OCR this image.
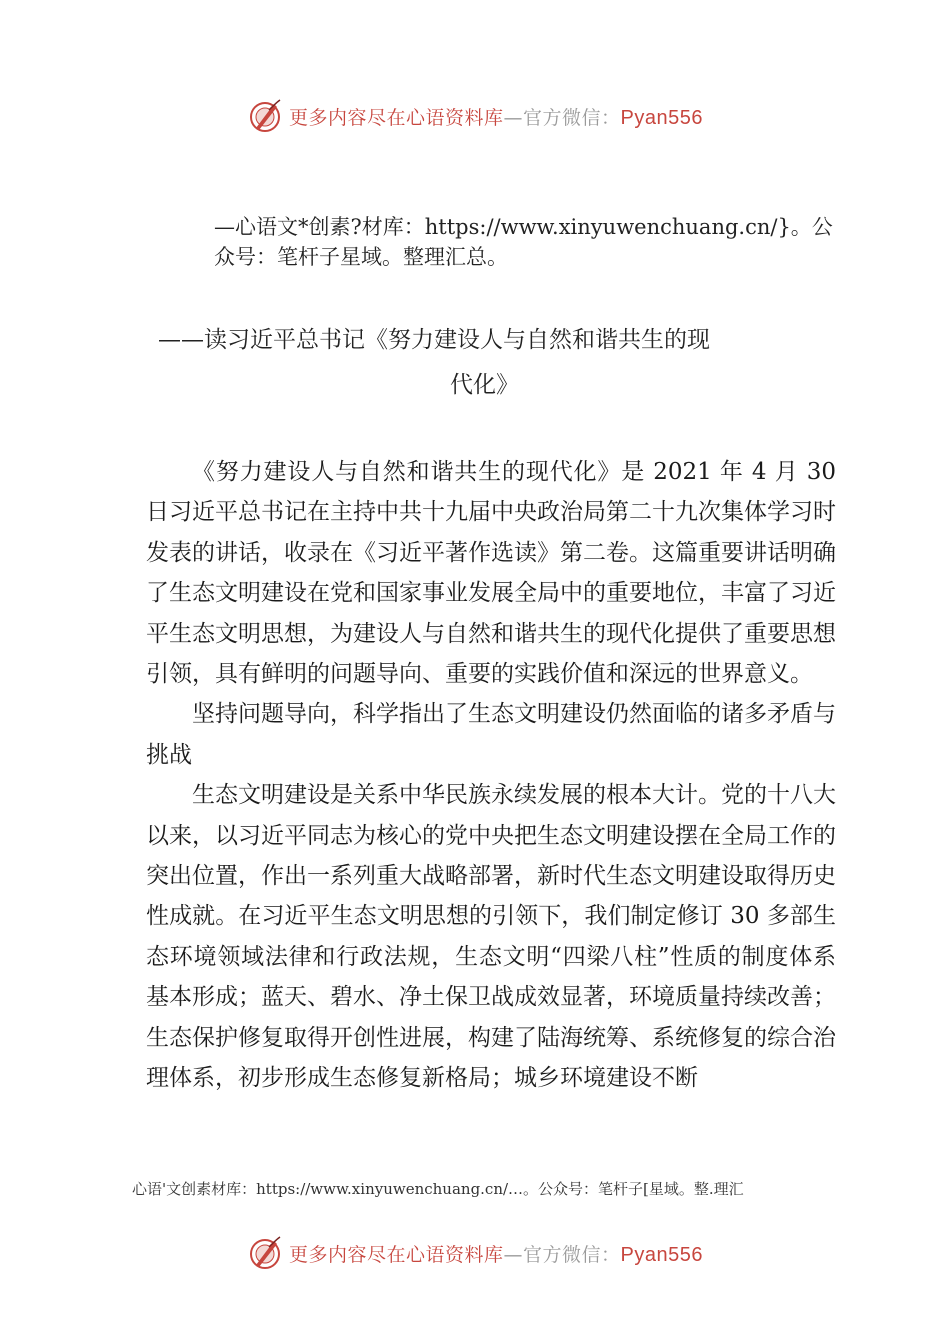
更多内容尽在心语资料库—官方微信：Pyan556
—心语文*创素?材库：https://www.xinyuwenchuang.cn/}。公众号：笔杆子星域。整理汇总。
——读习近平总书记《努力建设人与自然和谐共生的现
代化》

《努力建设人与自然和谐共生的现代化》是 2021 年 4 月 30 日习近平总书记在主持中共十九届中央政治局第二十九次集体学习时发表的讲话，收录在《习近平著作选读》第二卷。这篇重要讲话明确了生态文明建设在党和国家事业发展全局中的重要地位，丰富了习近平生态文明思想，为建设人与自然和谐共生的现代化提供了重要思想引领，具有鲜明的问题导向、重要的实践价值和深远的世界意义。

坚持问题导向，科学指出了生态文明建设仍然面临的诸多矛盾与挑战

生态文明建设是关系中华民族永续发展的根本大计。党的十八大以来，以习近平同志为核心的党中央把生态文明建设摆在全局工作的突出位置，作出一系列重大战略部署，新时代生态文明建设取得历史性成就。在习近平生态文明思想的引领下，我们制定修订 30 多部生态环境领域法律和行政法规，生态文明“四梁八柱”性质的制度体系基本形成；蓝天、碧水、净土保卫战成效显著，环境质量持续改善；生态保护修复取得开创性进展，构建了陆海统筹、系统修复的综合治理体系，初步形成生态修复新格局；城乡环境建设不断

心语'文创素材库：https://www.xinyuwenchuang.cn/…。公众号：笔杆子[星域。整.理汇
更多内容尽在心语资料库—官方微信：Pyan556
